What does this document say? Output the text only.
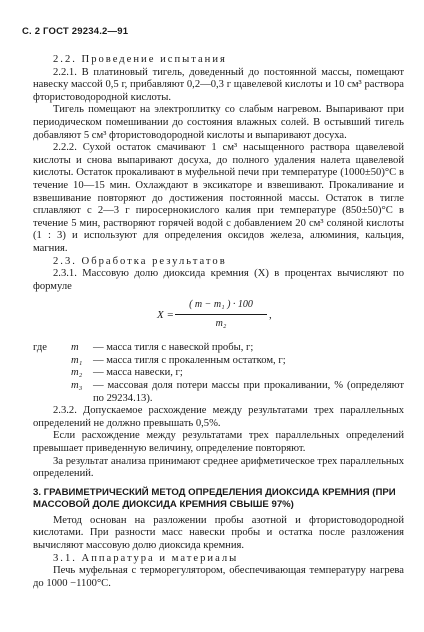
С. 2 ГОСТ 29234.2—91

2.2. Проведение испытания

2.2.1. В платиновый тигель, доведенный до постоянной массы, помещают навеску массой 0,5 г, прибавляют 0,2—0,3 г щавелевой кислоты и 10 см³ раствора фтористоводородной кислоты.

Тигель помещают на электроплитку со слабым нагревом. Выпаривают при периодическом помешивании до состояния влажных солей. В остывший тигель добавляют 5 см³ фтористоводородной кислоты и выпаривают досуха.

2.2.2. Сухой остаток смачивают 1 см³ насыщенного раствора щавелевой кислоты и снова выпаривают досуха, до полного удаления налета щавелевой кислоты. Остаток прокаливают в муфельной печи при температуре (1000±50)°С в течение 10—15 мин. Охлаждают в эксикаторе и взвешивают. Прокаливание и взвешивание повторяют до достижения постоянной массы. Остаток в тигле сплавляют с 2—3 г пиросернокислого калия при температуре (850±50)°С в течение 5 мин, растворяют горячей водой с добавлением 20 см³ соляной кислоты (1 : 3) и используют для определения оксидов железа, алюминия, кальция, магния.

2.3. Обработка результатов

2.3.1. Массовую долю диоксида кремния (X) в процентах вычисляют по формуле

X =
( m − m₁ ) · 100
m₂
,
где	m	— масса тигля с навеской пробы, г;
m₁	— масса тигля с прокаленным остатком, г;
m₂	— масса навески, г;
m₃	— массовая доля потери массы при прокаливании, % (определяют по 29234.13).

2.3.2. Допускаемое расхождение между результатами трех параллельных определений не должно превышать 0,5%.

Если расхождение между результатами трех параллельных определений превышает приведенную величину, определение повторяют.

За результат анализа принимают среднее арифметическое трех параллельных определений.

3. ГРАВИМЕТРИЧЕСКИЙ МЕТОД ОПРЕДЕЛЕНИЯ ДИОКСИДА КРЕМНИЯ (ПРИ МАССОВОЙ ДОЛЕ ДИОКСИДА КРЕМНИЯ СВЫШЕ 97%)

Метод основан на разложении пробы азотной и фтористоводородной кислотами. При разности масс навески пробы и остатка после разложения вычисляют массовую долю диоксида кремния.

3.1. Аппаратура и материалы

Печь муфельная с терморегулятором, обеспечивающая температуру нагрева до 1000 −1100°С.
